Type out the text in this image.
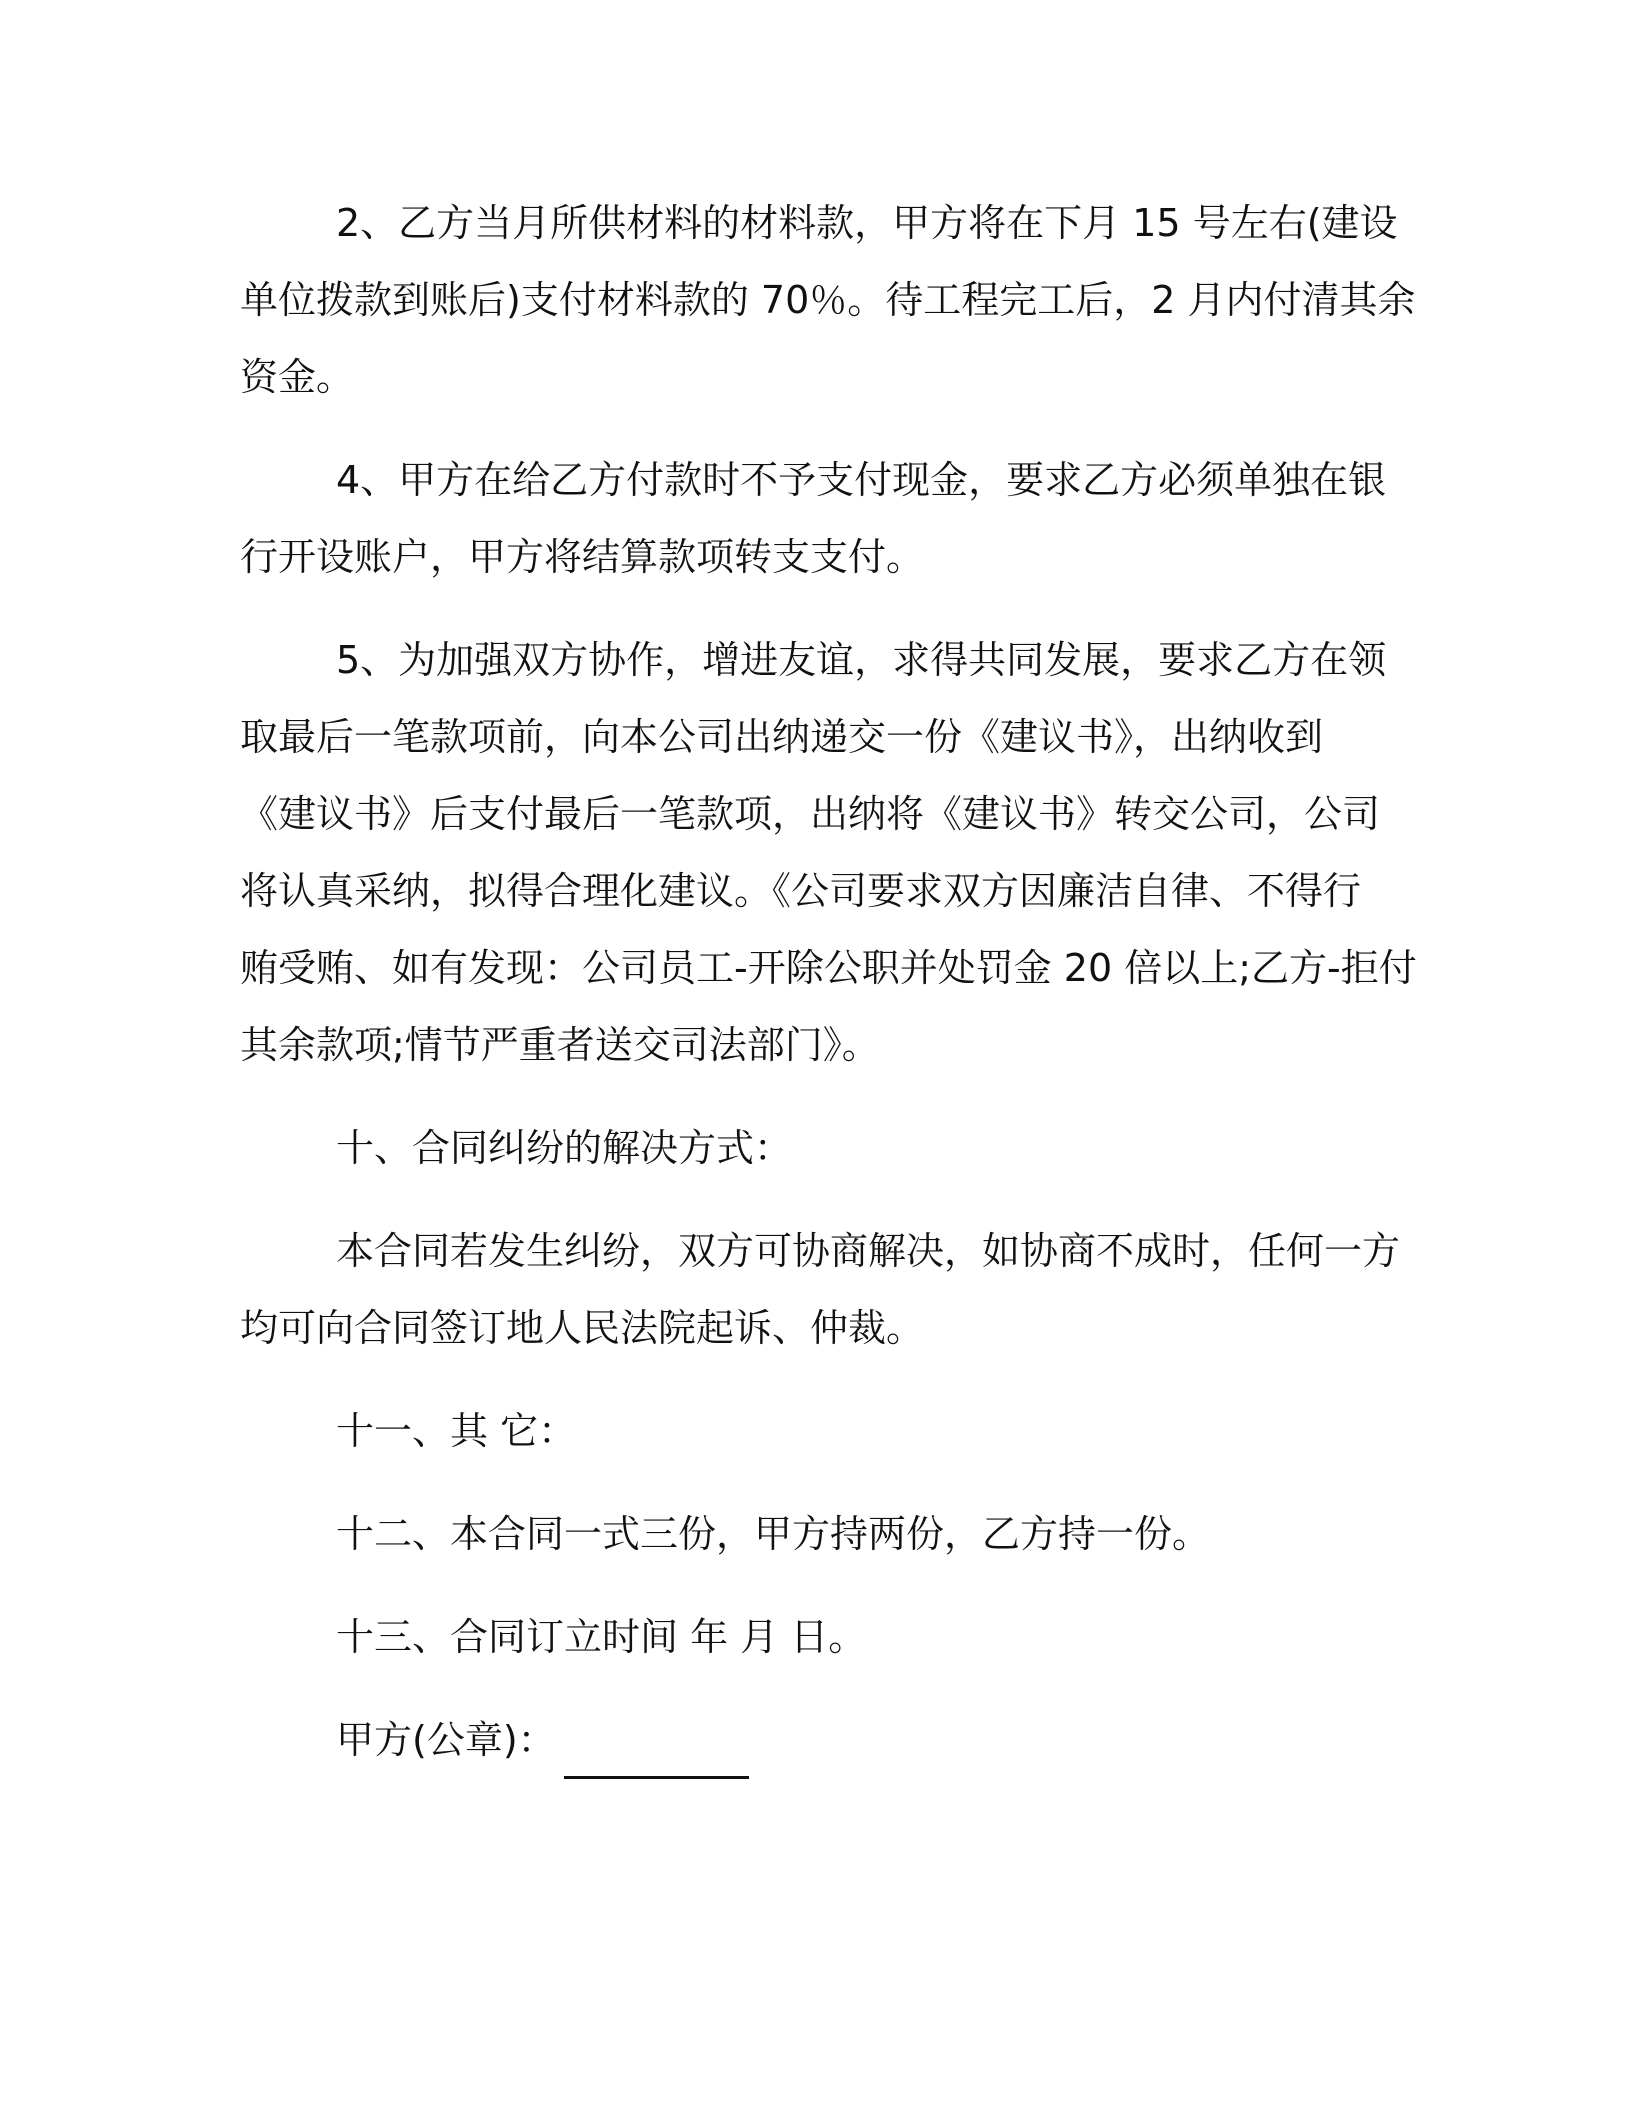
2、乙方当月所供材料的材料款，甲方将在下月 15 号左右(建设
单位拨款到账后)支付材料款的 70％。待工程完工后，2 月内付清其余
资金。

4、甲方在给乙方付款时不予支付现金，要求乙方必须单独在银
行开设账户，甲方将结算款项转支支付。

5、为加强双方协作，增进友谊，求得共同发展，要求乙方在领
取最后一笔款项前，向本公司出纳递交一份《建议书》，出纳收到
《建议书》后支付最后一笔款项，出纳将《建议书》转交公司，公司
将认真采纳，拟得合理化建议。《公司要求双方因廉洁自律、不得行
贿受贿、如有发现：公司员工-开除公职并处罚金 20 倍以上;乙方-拒付
其余款项;情节严重者送交司法部门》。

十、合同纠纷的解决方式：

本合同若发生纠纷，双方可协商解决，如协商不成时，任何一方
均可向合同签订地人民法院起诉、仲裁。

十一、其 它：

十二、本合同一式三份，甲方持两份，乙方持一份。

十三、合同订立时间 年 月 日。

甲方(公章)：
